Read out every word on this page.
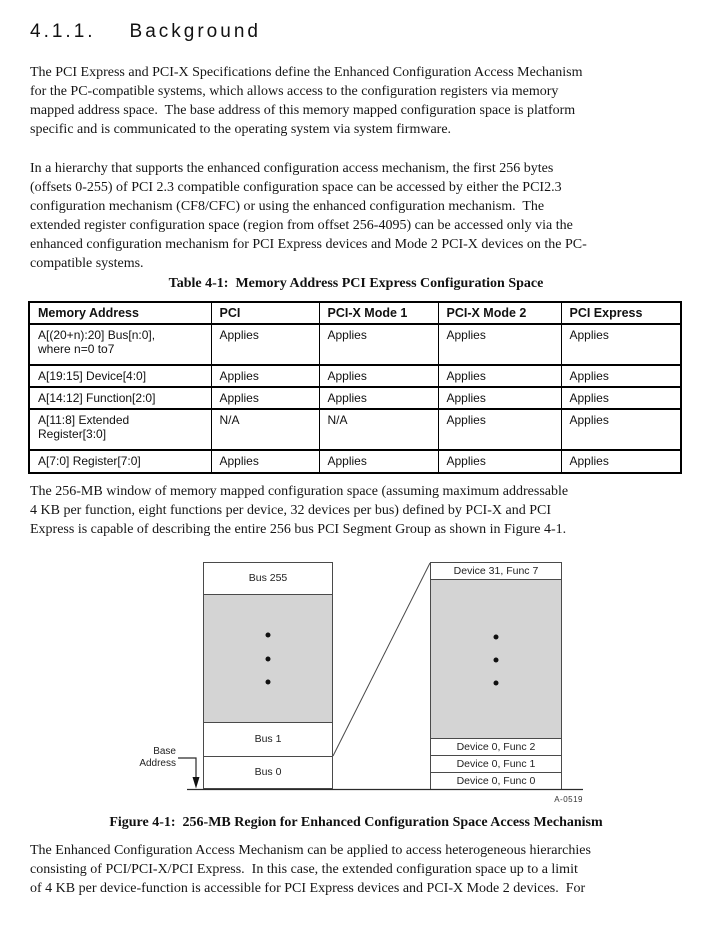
4.1.1. Background
The PCI Express and PCI-X Specifications define the Enhanced Configuration Access Mechanism
for the PC-compatible systems, which allows access to the configuration registers via memory
mapped address space.  The base address of this memory mapped configuration space is platform
specific and is communicated to the operating system via system firmware.
In a hierarchy that supports the enhanced configuration access mechanism, the first 256 bytes
(offsets 0-255) of PCI 2.3 compatible configuration space can be accessed by either the PCI2.3
configuration mechanism (CF8/CFC) or using the enhanced configuration mechanism.  The
extended register configuration space (region from offset 256-4095) can be accessed only via the
enhanced configuration mechanism for PCI Express devices and Mode 2 PCI-X devices on the PC-
compatible systems.
Table 4-1:  Memory Address PCI Express Configuration Space
Memory Address	PCI	PCI-X Mode 1	PCI-X Mode 2	PCI Express

A[(20+n):20] Bus[n:0],
where n=0 to7	Applies	Applies	Applies	Applies

A[19:15] Device[4:0]	Applies	Applies	Applies	Applies

A[14:12] Function[2:0]	Applies	Applies	Applies	Applies

A[11:8] Extended
Register[3:0]	N/A	N/A	Applies	Applies

A[7:0] Register[7:0]	Applies	Applies	Applies	Applies
The 256-MB window of memory mapped configuration space (assuming maximum addressable
4 KB per function, eight functions per device, 32 devices per bus) defined by PCI-X and PCI
Express is capable of describing the entire 256 bus PCI Segment Group as shown in Figure 4-1.
Bus 255
Bus 1
Bus 0
Device 31, Func 7
Device 0, Func 2
Device 0, Func 1
Device 0, Func 0
Base
Address
A-0519
Figure 4-1:  256-MB Region for Enhanced Configuration Space Access Mechanism
The Enhanced Configuration Access Mechanism can be applied to access heterogeneous hierarchies
consisting of PCI/PCI-X/PCI Express.  In this case, the extended configuration space up to a limit
of 4 KB per device-function is accessible for PCI Express devices and PCI-X Mode 2 devices.  For
